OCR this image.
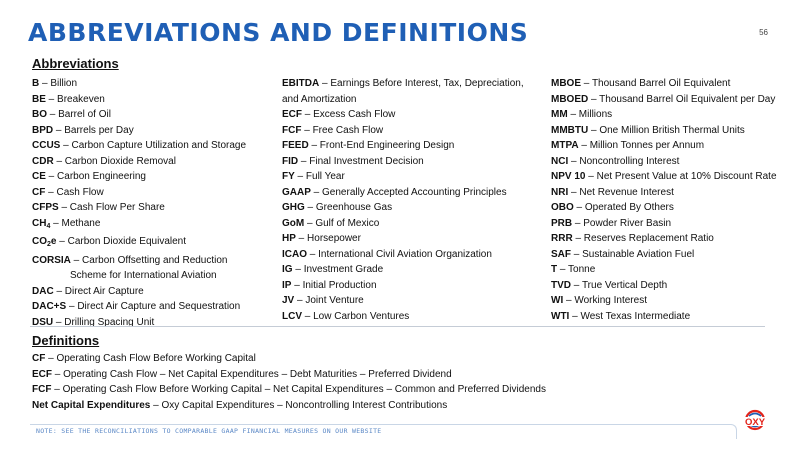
ABBREVIATIONS AND DEFINITIONS	56
Abbreviations
B – Billion
BE – Breakeven
BO – Barrel of Oil
BPD – Barrels per Day
CCUS – Carbon Capture Utilization and Storage
CDR – Carbon Dioxide Removal
CE – Carbon Engineering
CF – Cash Flow
CFPS – Cash Flow Per Share
$CH_4$ – Methane
$CO_2e$ – Carbon Dioxide Equivalent
CORSIA – Carbon Offsetting and Reduction
Scheme for International Aviation
DAC – Direct Air Capture
DAC+S – Direct Air Capture and Sequestration
DSU – Drilling Spacing Unit
EBITDA – Earnings Before Interest, Tax, Depreciation,
and Amortization
ECF – Excess Cash Flow
FCF – Free Cash Flow
FEED – Front-End Engineering Design
FID – Final Investment Decision
FY – Full Year
GAAP – Generally Accepted Accounting Principles
GHG – Greenhouse Gas
GoM – Gulf of Mexico
HP – Horsepower
ICAO – International Civil Aviation Organization
IG – Investment Grade
IP – Initial Production
JV – Joint Venture
LCV – Low Carbon Ventures
MBOE – Thousand Barrel Oil Equivalent
MBOED – Thousand Barrel Oil Equivalent per Day
MM – Millions
MMBTU – One Million British Thermal Units
MTPA – Million Tonnes per Annum
NCI – Noncontrolling Interest
NPV 10 – Net Present Value at 10% Discount Rate
NRI – Net Revenue Interest
OBO – Operated By Others
PRB – Powder River Basin
RRR – Reserves Replacement Ratio
SAF – Sustainable Aviation Fuel
T – Tonne
TVD – True Vertical Depth
WI – Working Interest
WTI – West Texas Intermediate
Definitions
CF – Operating Cash Flow Before Working Capital
ECF – Operating Cash Flow – Net Capital Expenditures – Debt Maturities – Preferred Dividend
FCF – Operating Cash Flow Before Working Capital – Net Capital Expenditures – Common and Preferred Dividends
Net Capital Expenditures – Oxy Capital Expenditures – Noncontrolling Interest Contributions
NOTE: SEE THE RECONCILIATIONS TO COMPARABLE GAAP FINANCIAL MEASURES ON OUR WEBSITE
OXY
